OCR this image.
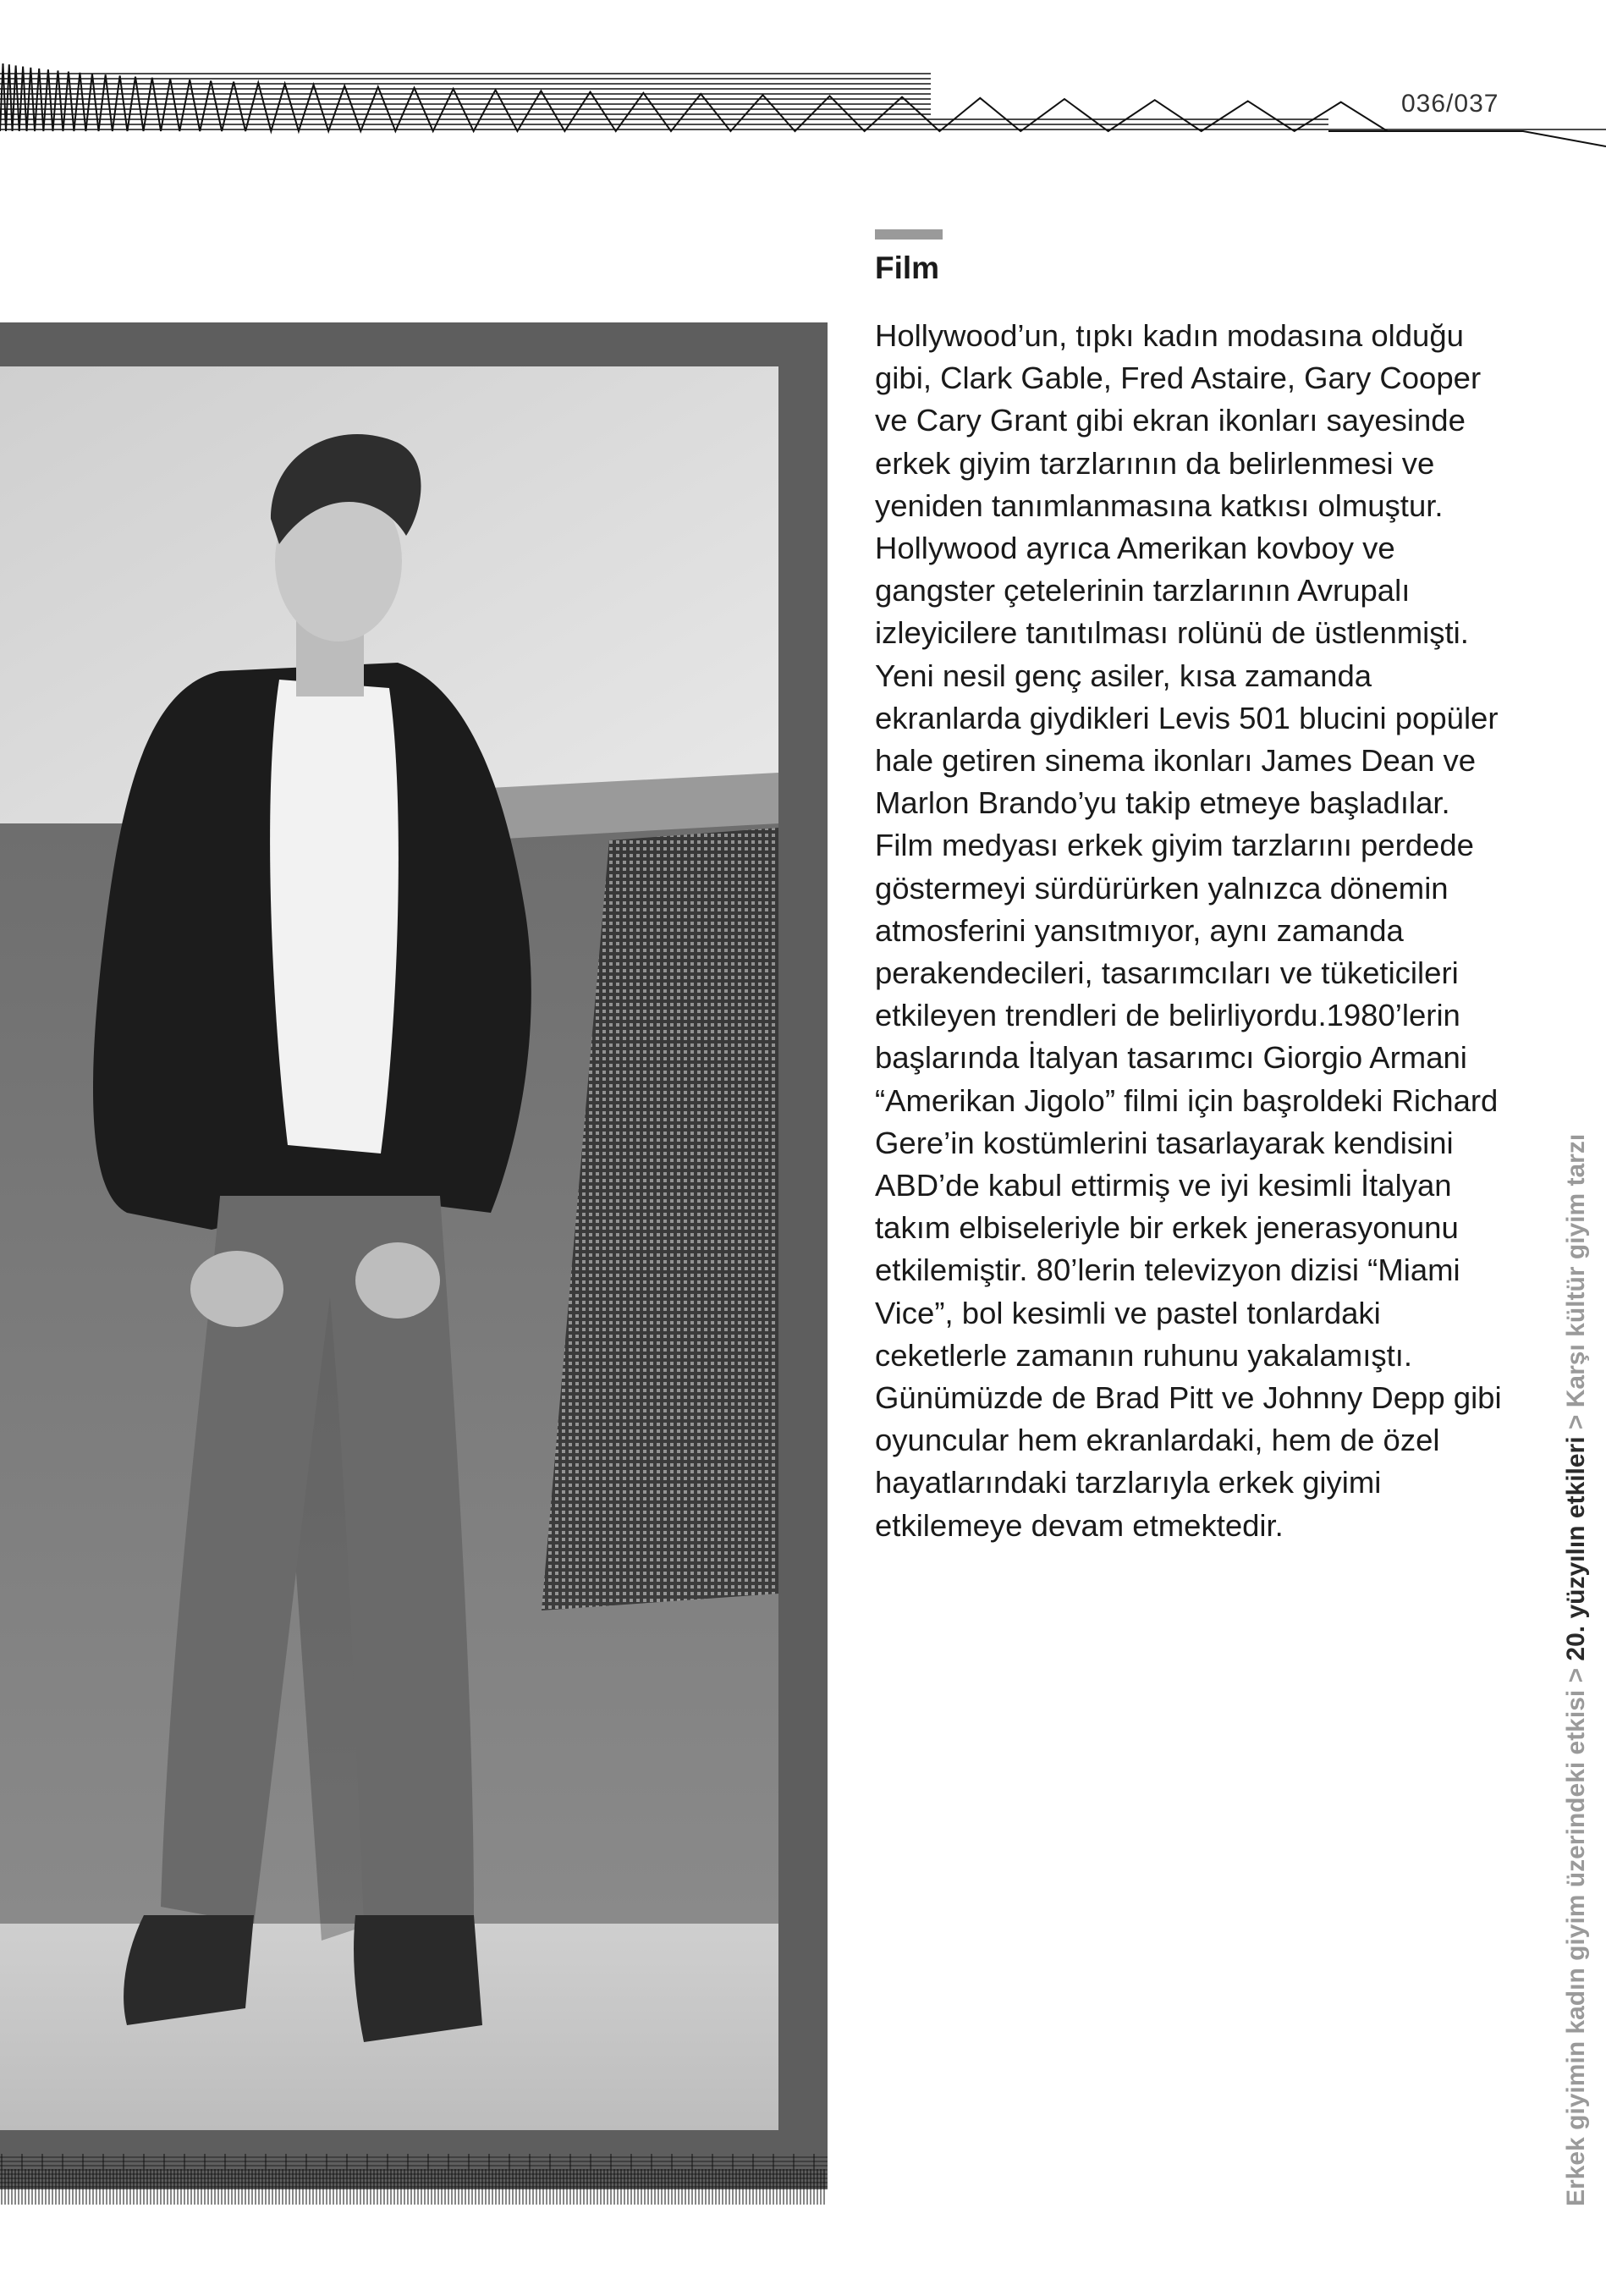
036/037
Film

Hollywood’un, tıpkı kadın modasına olduğu gibi, Clark Gable, Fred Astaire, Gary Cooper ve Cary Grant gibi ekran ikonları sayesinde erkek giyim tarzlarının da belirlenmesi ve yeniden tanımlanmasına katkısı olmuştur. Hollywood ayrıca Amerikan kovboy ve gangster çetelerinin tarzlarının Avrupalı izleyicilere tanıtılması rolünü de üstlenmişti. Yeni nesil genç asiler, kısa zamanda ekranlarda giydikleri Levis 501 blucini popüler hale getiren sinema ikonları James Dean ve Marlon Brando’yu takip etmeye başladılar. Film medyası erkek giyim tarzlarını perdede göstermeyi sürdürürken yalnızca dönemin atmosferini yansıtmıyor, aynı zamanda perakendecileri, tasarımcıları ve tüketicileri etkileyen trendleri de belirliyordu.1980’lerin başlarında İtalyan tasarımcı Giorgio Armani “Amerikan Jigolo” filmi için başroldeki Richard Gere’in kostümlerini tasarlayarak kendisini ABD’de kabul ettirmiş ve iyi kesimli İtalyan takım elbiseleriyle bir erkek jenerasyonunu etkilemiştir. 80’lerin televizyon dizisi “Miami Vice”, bol kesimli ve pastel tonlardaki ceketlerle zamanın ruhunu yakalamıştı. Günümüzde de Brad Pitt ve Johnny Depp gibi oyuncular hem ekranlardaki, hem de özel hayatlarındaki tarzlarıyla erkek giyimi etkilemeye devam etmektedir.

Erkek giyimin kadın giyim üzerindeki etkisi > 20. yüzyılın etkileri > Karşı kültür giyim tarzı
